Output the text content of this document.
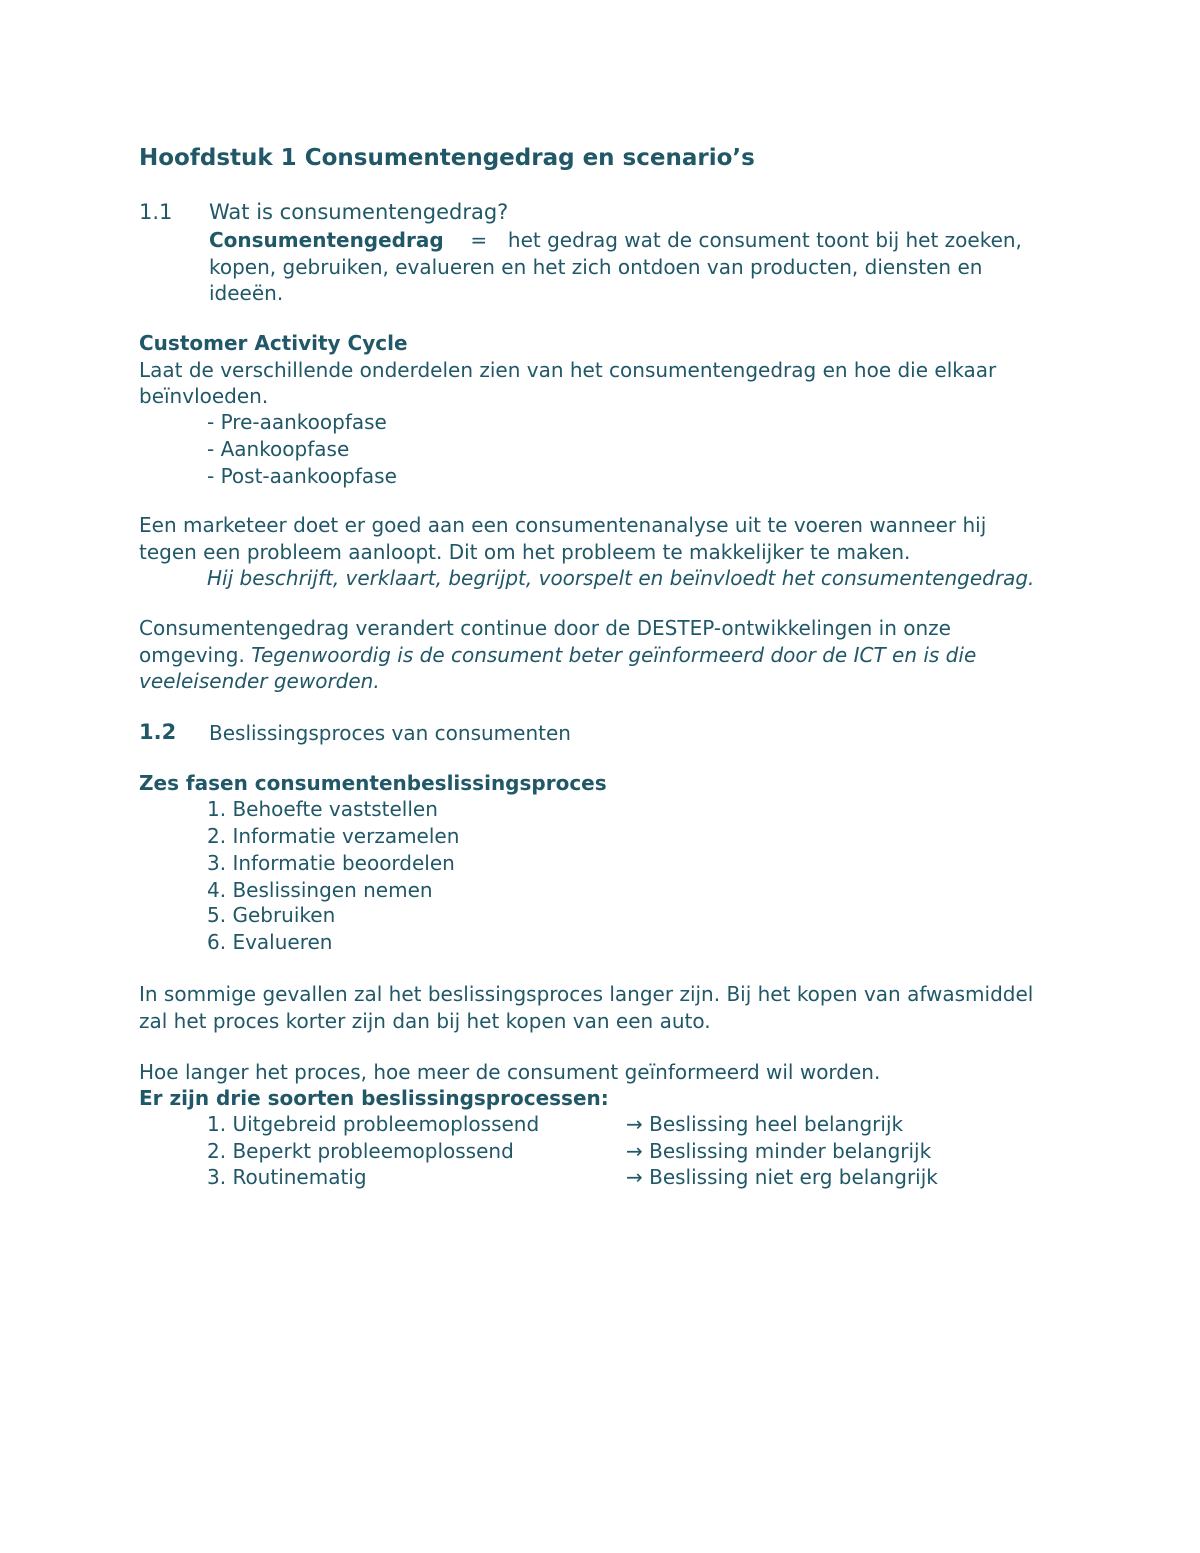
Hoofdstuk 1 Consumentengedrag en scenario’s
1.1 Wat is consumentengedrag?
Consumentengedrag = het gedrag wat de consument toont bij het zoeken,
kopen, gebruiken, evalueren en het zich ontdoen van producten, diensten en
ideeën.
Customer Activity Cycle
Laat de verschillende onderdelen zien van het consumentengedrag en hoe die elkaar
beïnvloeden.
- Pre-aankoopfase
- Aankoopfase
- Post-aankoopfase
Een marketeer doet er goed aan een consumentenanalyse uit te voeren wanneer hij
tegen een probleem aanloopt. Dit om het probleem te makkelijker te maken.
Hij beschrijft, verklaart, begrijpt, voorspelt en beïnvloedt het consumentengedrag.
Consumentengedrag verandert continue door de DESTEP-ontwikkelingen in onze
omgeving. Tegenwoordig is de consument beter geïnformeerd door de ICT en is die
veeleisender geworden.
1.2 Beslissingsproces van consumenten
Zes fasen consumentenbeslissingsproces
1. Behoefte vaststellen
2. Informatie verzamelen
3. Informatie beoordelen
4. Beslissingen nemen
5. Gebruiken
6. Evalueren
In sommige gevallen zal het beslissingsproces langer zijn. Bij het kopen van afwasmiddel
zal het proces korter zijn dan bij het kopen van een auto.
Hoe langer het proces, hoe meer de consument geïnformeerd wil worden.
Er zijn drie soorten beslissingsprocessen:
1. Uitgebreid probleemoplossend	→ Beslissing heel belangrijk
2. Beperkt probleemoplossend	→ Beslissing minder belangrijk
3. Routinematig	→ Beslissing niet erg belangrijk
